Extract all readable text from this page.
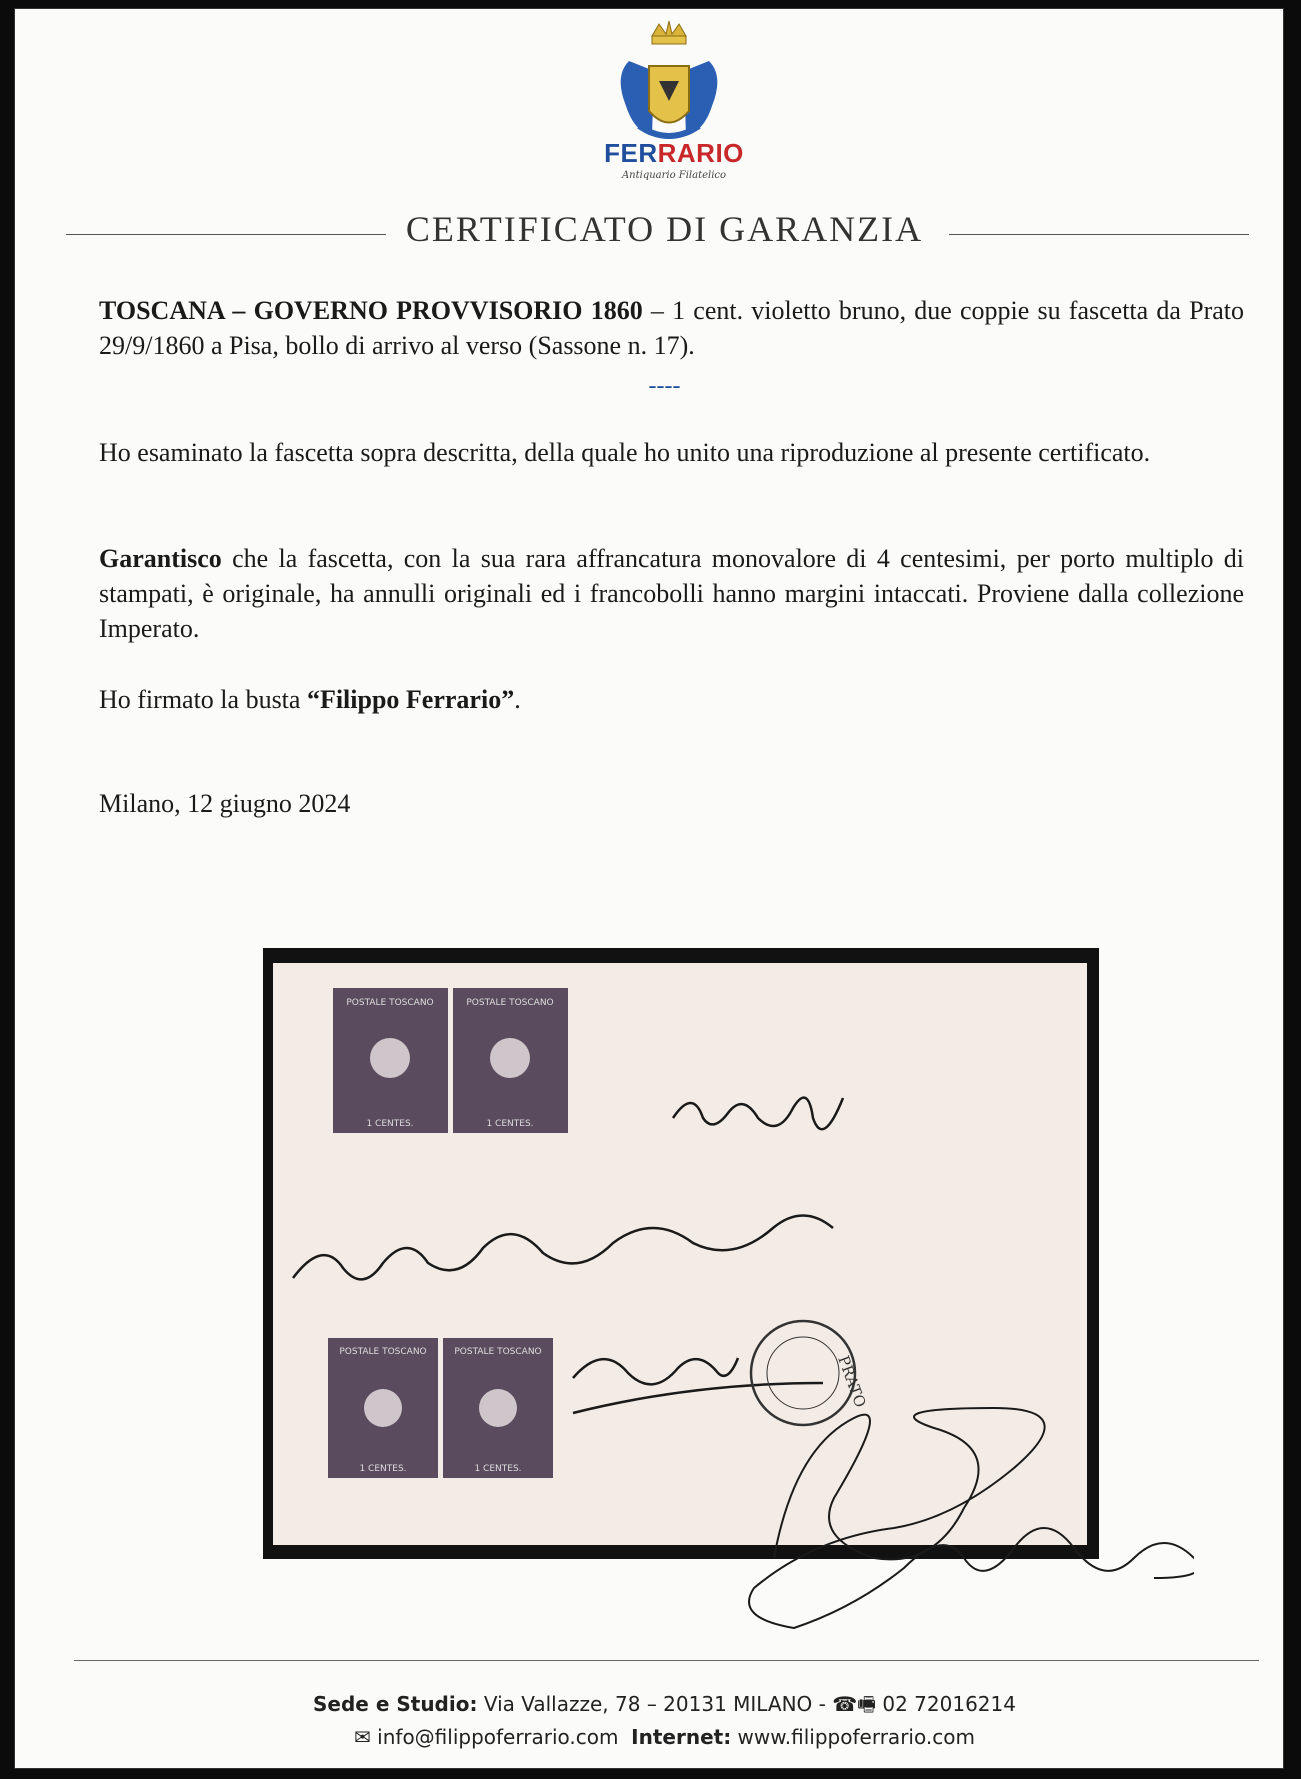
FERRARIO
Antiquario Filatelico
CERTIFICATO DI GARANZIA
TOSCANA – GOVERNO PROVVISORIO 1860 – 1 cent. violetto bruno, due coppie su fascetta da Prato 29/9/1860 a Pisa, bollo di arrivo al verso (Sassone n. 17).
----
Ho esaminato la fascetta sopra descritta, della quale ho unito una riproduzione al presente certificato.
Garantisco che la fascetta, con la sua rara affrancatura monovalore di 4 centesimi, per porto multiplo di stampati, è originale, ha annulli originali ed i francobolli hanno margini intaccati. Proviene dalla collezione Imperato.
Ho firmato la busta “Filippo Ferrario”.
Milano, 12 giugno 2024
POSTALE TOSCANO	POSTALE TOSCANO
1 CENTES.	1 CENTES.
POSTALE TOSCANO	POSTALE TOSCANO
1 CENTES.	1 CENTES.
PRATO
Sede e Studio: Via Vallazze, 78 – 20131 MILANO - ☎🖷 02 72016214
✉ info@filippoferrario.com Internet: www.filippoferrario.com
